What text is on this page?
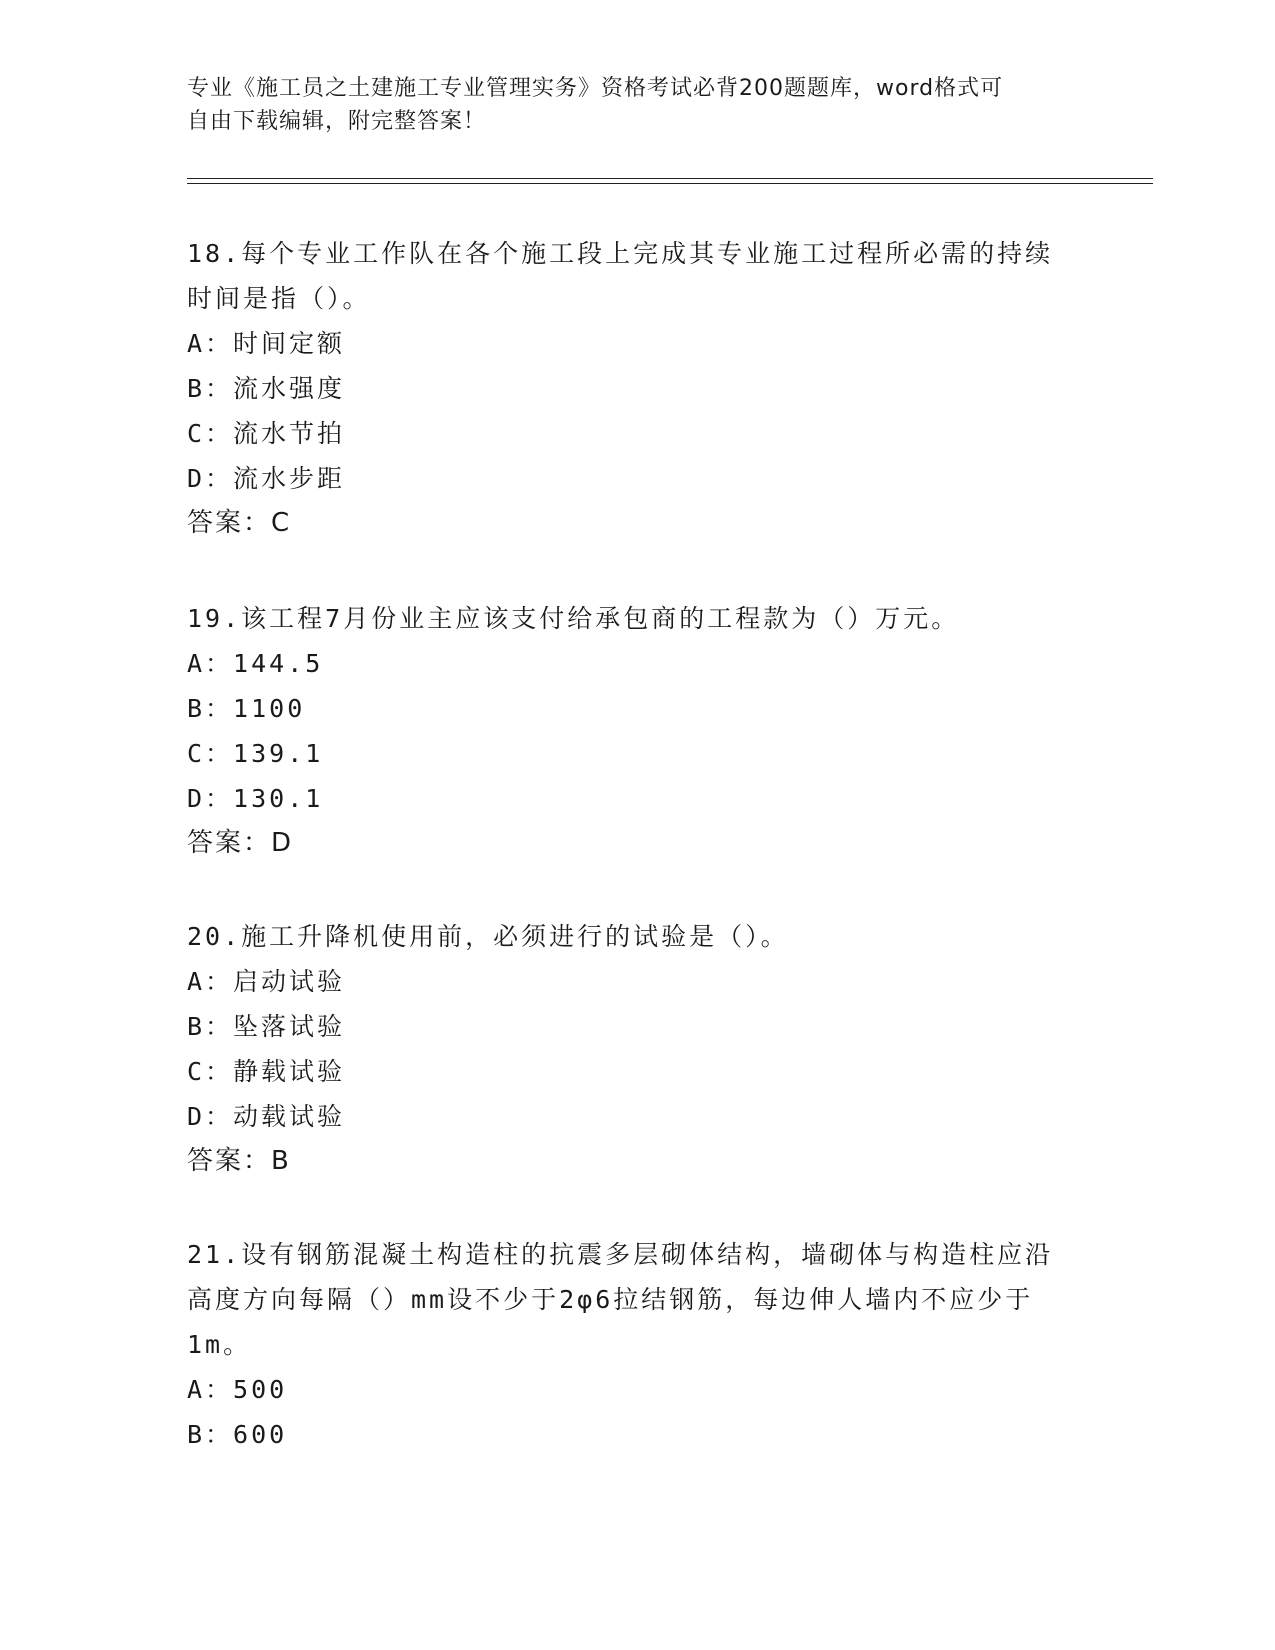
专业《施工员之土建施工专业管理实务》资格考试必背200题题库，word格式可
自由下载编辑，附完整答案！

18.每个专业工作队在各个施工段上完成其专业施工过程所必需的持续

时间是指（）。

A：时间定额

B：流水强度

C：流水节拍

D：流水步距

答案：C

19.该工程7月份业主应该支付给承包商的工程款为（）万元。

A：144.5

B：1100

C：139.1

D：130.1

答案：D

20.施工升降机使用前，必须进行的试验是（）。

A：启动试验

B：坠落试验

C：静载试验

D：动载试验

答案：B

21.设有钢筋混凝土构造柱的抗震多层砌体结构，墙砌体与构造柱应沿

高度方向每隔（）mm设不少于2φ6拉结钢筋，每边伸人墙内不应少于

1m。

A：500

B：600
